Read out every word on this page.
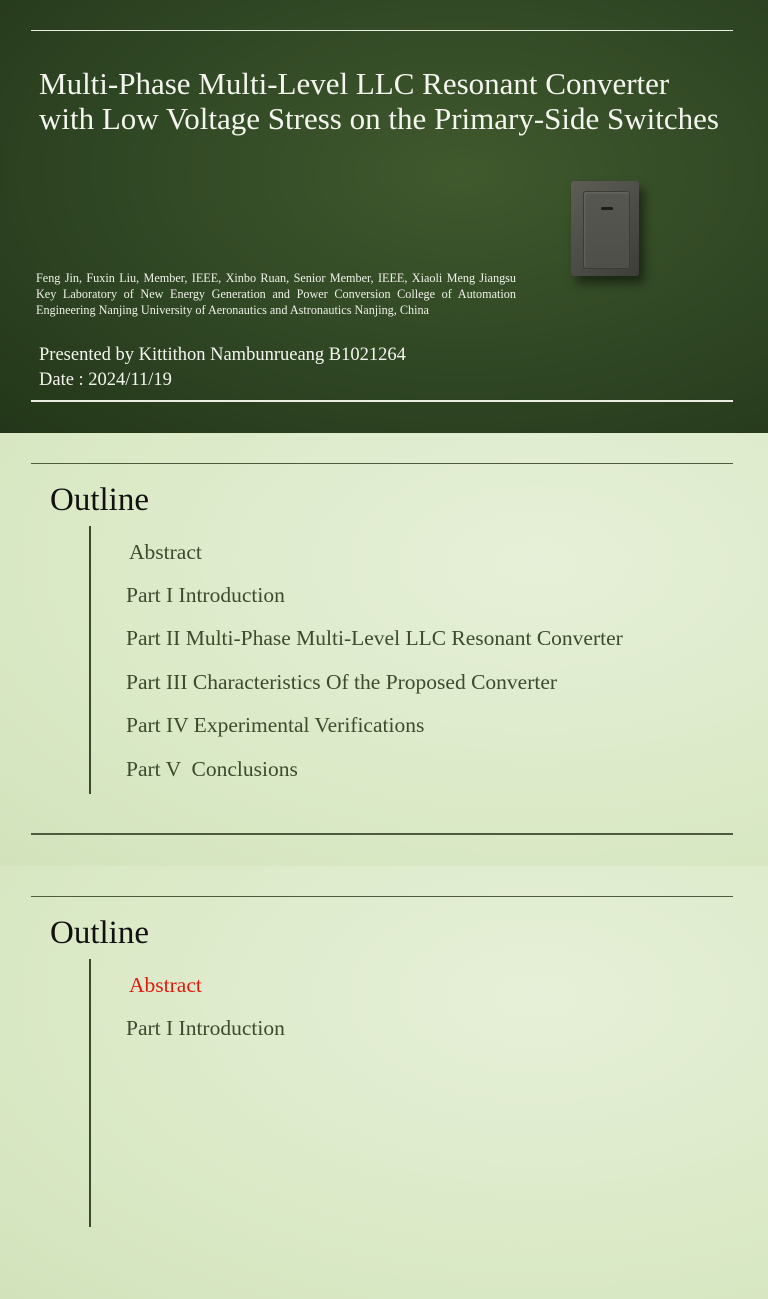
Multi-Phase Multi-Level LLC Resonant Converter
with Low Voltage Stress on the Primary-Side Switches

Feng Jin, Fuxin Liu, Member, IEEE, Xinbo Ruan, Senior Member, IEEE, Xiaoli Meng Jiangsu Key Laboratory of New Energy Generation and Power Conversion College of Automation Engineering Nanjing University of Aeronautics and Astronautics Nanjing, China

Presented by Kittithon Nambunrueang B1021264

Date : 2024/11/19

Outline
Abstract
Part I Introduction
Part II Multi-Phase Multi-Level LLC Resonant Converter
Part III Characteristics Of the Proposed Converter
Part IV Experimental Verifications
Part V  Conclusions
Outline
Abstract
Part I Introduction
